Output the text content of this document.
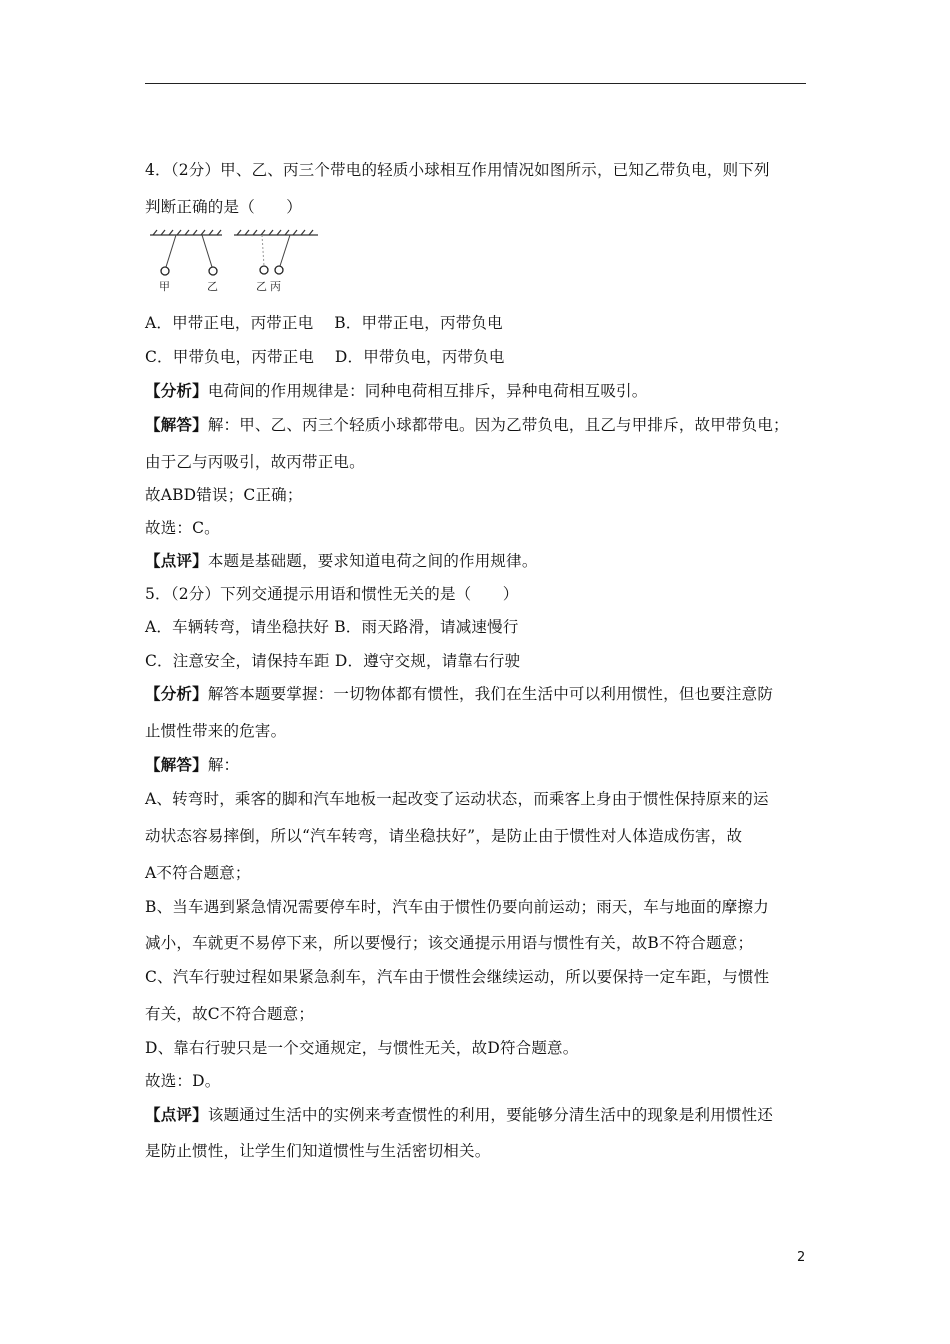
4．（2分）甲、乙、丙三个带电的轻质小球相互作用情况如图所示，已知乙带负电，则下列
判断正确的是（　　）
甲	乙	乙 丙
A．甲带正电，丙带正电　 B．甲带正电，丙带负电
C．甲带负电，丙带正电　 D．甲带负电，丙带负电
【分析】电荷间的作用规律是：同种电荷相互排斥，异种电荷相互吸引。
【解答】解：甲、乙、丙三个轻质小球都带电。因为乙带负电，且乙与甲排斥，故甲带负电；
由于乙与丙吸引，故丙带正电。
故ABD错误；C正确；
故选：C。
【点评】本题是基础题，要求知道电荷之间的作用规律。
5．（2分）下列交通提示用语和惯性无关的是（　　）
A．车辆转弯，请坐稳扶好 B．雨天路滑，请减速慢行
C．注意安全，请保持车距 D．遵守交规，请靠右行驶
【分析】解答本题要掌握：一切物体都有惯性，我们在生活中可以利用惯性，但也要注意防
止惯性带来的危害。
【解答】解：
A、转弯时，乘客的脚和汽车地板一起改变了运动状态，而乘客上身由于惯性保持原来的运
动状态容易摔倒，所以“汽车转弯，请坐稳扶好”，是防止由于惯性对人体造成伤害，故
A不符合题意；
B、当车遇到紧急情况需要停车时，汽车由于惯性仍要向前运动；雨天，车与地面的摩擦力
减小，车就更不易停下来，所以要慢行；该交通提示用语与惯性有关，故B不符合题意；
C、汽车行驶过程如果紧急刹车，汽车由于惯性会继续运动，所以要保持一定车距，与惯性
有关，故C不符合题意；
D、靠右行驶只是一个交通规定，与惯性无关，故D符合题意。
故选：D。
【点评】该题通过生活中的实例来考查惯性的利用，要能够分清生活中的现象是利用惯性还
是防止惯性，让学生们知道惯性与生活密切相关。
2
